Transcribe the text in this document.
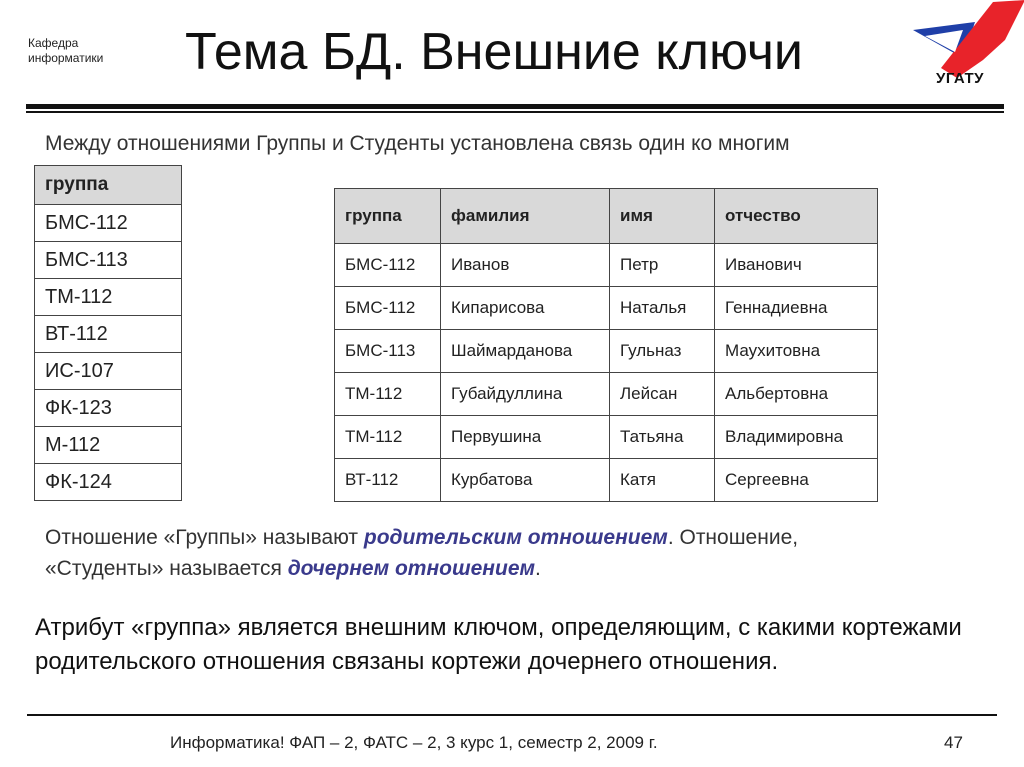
Кафедра
информатики Тема БД. Внешние ключи	УГАТУ
Между отношениями Группы и Студенты установлена связь один ко многим
группа
БМС-112
БМС-113
ТМ-112
ВТ-112
ИС-107
ФК-123
М-112
ФК-124
группа	фамилия	имя	отчество
БМС-112	Иванов	Петр	Иванович
БМС-112	Кипарисова	Наталья	Геннадиевна
БМС-113	Шаймарданова	Гульназ	Маухитовна
ТМ-112	Губайдуллина	Лейсан	Альбертовна
ТМ-112	Первушина	Татьяна	Владимировна
ВТ-112	Курбатова	Катя	Сергеевна
Отношение «Группы» называют родительским отношением. Отношение,
«Студенты» называется дочернем отношением.
Атрибут «группа» является внешним ключом, определяющим, с какими кортежами родительского отношения связаны кортежи дочернего отношения.
Информатика! ФАП – 2, ФАТС – 2, 3 курс 1, семестр 2, 2009 г.	47
